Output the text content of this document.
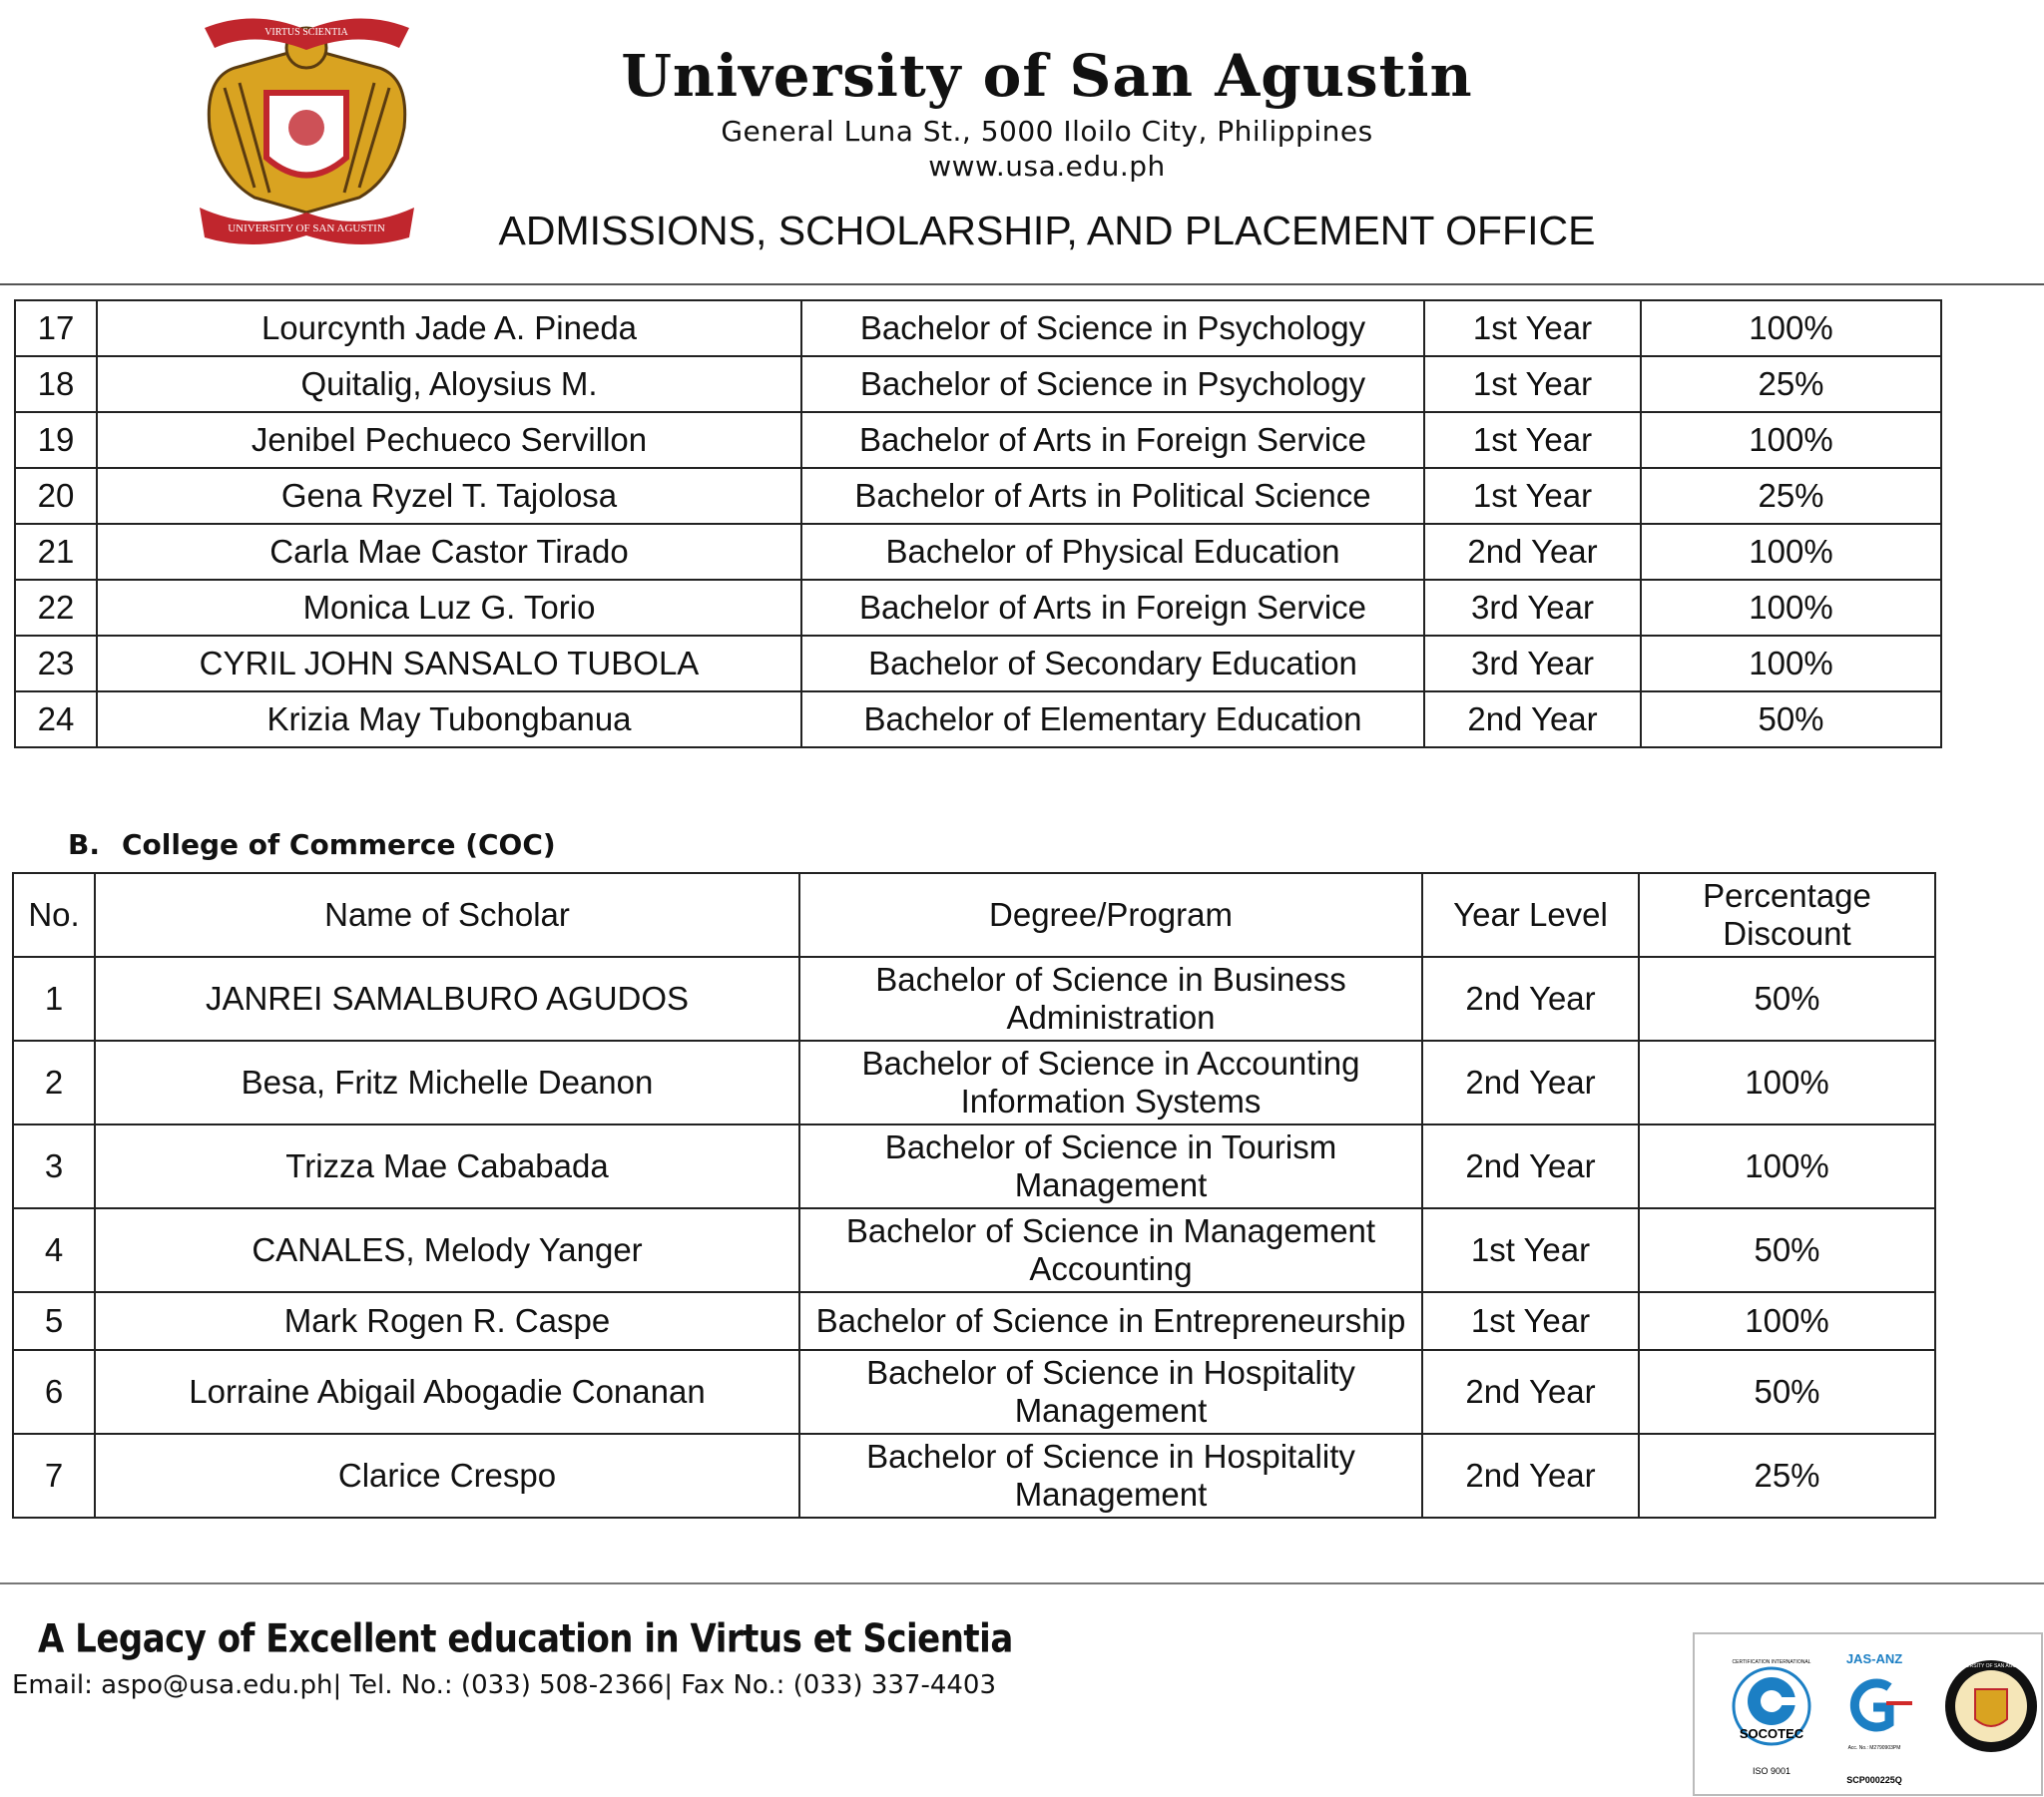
UNIVERSITY OF SAN AGUSTIN
VIRTUS SCIENTIA
University of San Agustin
General Luna St., 5000 Iloilo City, Philippines
www.usa.edu.ph
ADMISSIONS, SCHOLARSHIP, AND PLACEMENT OFFICE
17	Lourcynth Jade A. Pineda	Bachelor of Science in Psychology	1st Year	100%
18	Quitalig, Aloysius M.	Bachelor of Science in Psychology	1st Year	25%
19	Jenibel Pechueco Servillon	Bachelor of Arts in Foreign Service	1st Year	100%
20	Gena Ryzel T. Tajolosa	Bachelor of Arts in Political Science	1st Year	25%
21	Carla Mae Castor Tirado	Bachelor of Physical Education	2nd Year	100%
22	Monica Luz G. Torio	Bachelor of Arts in Foreign Service	3rd Year	100%
23	CYRIL JOHN SANSALO TUBOLA	Bachelor of Secondary Education	3rd Year	100%
24	Krizia May Tubongbanua	Bachelor of Elementary Education	2nd Year	50%
B. College of Commerce (COC)
No.	Name of Scholar	Degree/Program	Year Level	Percentage
Discount

1	JANREI SAMALBURO AGUDOS	Bachelor of Science in Business
Administration	2nd Year	50%
2	Besa, Fritz Michelle Deanon	Bachelor of Science in Accounting
Information Systems	2nd Year	100%
3	Trizza Mae Cababada	Bachelor of Science in Tourism
Management	2nd Year	100%
4	CANALES, Melody Yanger	Bachelor of Science in Management
Accounting	1st Year	50%
5	Mark Rogen R. Caspe	Bachelor of Science in Entrepreneurship	1st Year	100%
6	Lorraine Abigail Abogadie Conanan	Bachelor of Science in Hospitality
Management	2nd Year	50%
7	Clarice Crespo	Bachelor of Science in Hospitality
Management	2nd Year	25%
A Legacy of Excellent education in Virtus et Scientia
Email: aspo@usa.edu.ph| Tel. No.: (033) 508-2366| Fax No.: (033) 337-4403
SOCOTEC
CERTIFICATION INTERNATIONAL
ISO 9001
JAS-ANZ
Acc. No.: M2790903PM
SCP000225Q
UNIVERSITY OF SAN AGUSTIN
